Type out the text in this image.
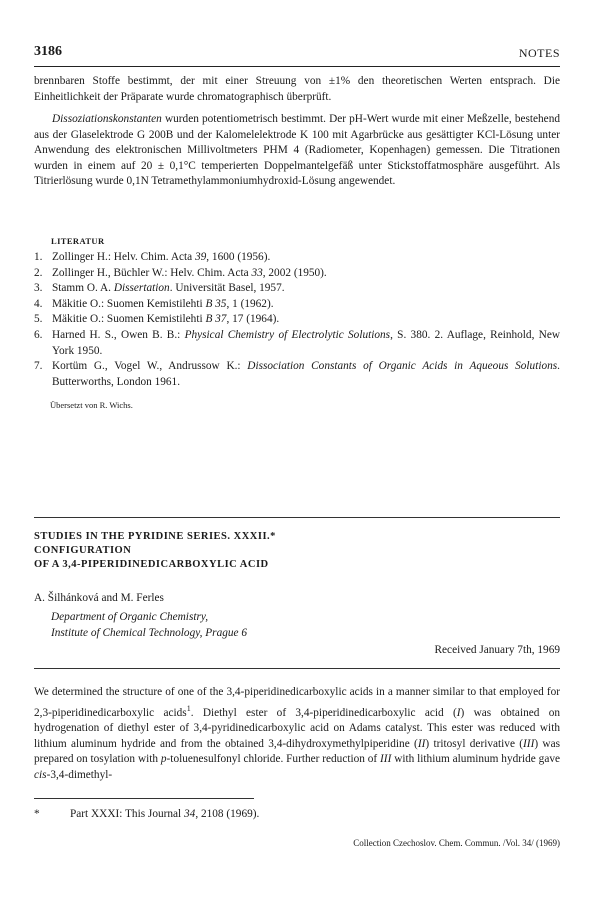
3186	NOTES

brennbaren Stoffe bestimmt, der mit einer Streuung von ±1% den theoretischen Werten entsprach. Die Einheitlichkeit der Präparate wurde chromatographisch überprüft.

Dissoziationskonstanten wurden potentiometrisch bestimmt. Der pH-Wert wurde mit einer Meßzelle, bestehend aus der Glaselektrode G 200B und der Kalomelelektrode K 100 mit Agarbrücke aus gesättigter KCl-Lösung unter Anwendung des elektronischen Millivoltmeters PHM 4 (Radiometer, Kopenhagen) gemessen. Die Titrationen wurden in einem auf 20 ± 0,1°C temperierten Doppelmantelgefäß unter Stickstoffatmosphäre ausgeführt. Als Titrierlösung wurde 0,1N Tetramethylammoniumhydroxid-Lösung angewendet.

LITERATUR
1. Zollinger H.: Helv. Chim. Acta 39, 1600 (1956).
2. Zollinger H., Büchler W.: Helv. Chim. Acta 33, 2002 (1950).
3. Stamm O. A. Dissertation. Universität Basel, 1957.
4. Mäkitie O.: Suomen Kemistilehti B 35, 1 (1962).
5. Mäkitie O.: Suomen Kemistilehti B 37, 17 (1964).
6. Harned H. S., Owen B. B.: Physical Chemistry of Electrolytic Solutions, S. 380. 2. Auflage, Reinhold, New York 1950.
7. Kortüm G., Vogel W., Andrussow K.: Dissociation Constants of Organic Acids in Aqueous Solutions. Butterworths, London 1961.
Übersetzt von R. Wichs.
STUDIES IN THE PYRIDINE SERIES. XXXII.*
CONFIGURATION
OF A 3,4-PIPERIDINEDICARBOXYLIC ACID
A. Šilhánková and M. Ferles
Department of Organic Chemistry,
Institute of Chemical Technology, Prague 6
Received January 7th, 1969

We determined the structure of one of the 3,4-piperidinedicarboxylic acids in a manner similar to that employed for 2,3-piperidinedicarboxylic acids$^1$. Diethyl ester of 3,4-piperidinedicarboxylic acid (I) was obtained on hydrogenation of diethyl ester of 3,4-pyridinedicarboxylic acid on Adams catalyst. This ester was reduced with lithium aluminum hydride and from the obtained 3,4-dihydroxymethylpiperidine (II) tritosyl derivative (III) was prepared on tosylation with p-toluenesulfonyl chloride. Further reduction of III with lithium aluminum hydride gave cis-3,4-dimethyl-

*	Part XXXI: This Journal 34, 2108 (1969).
Collection Czechoslov. Chem. Commun. /Vol. 34/ (1969)
